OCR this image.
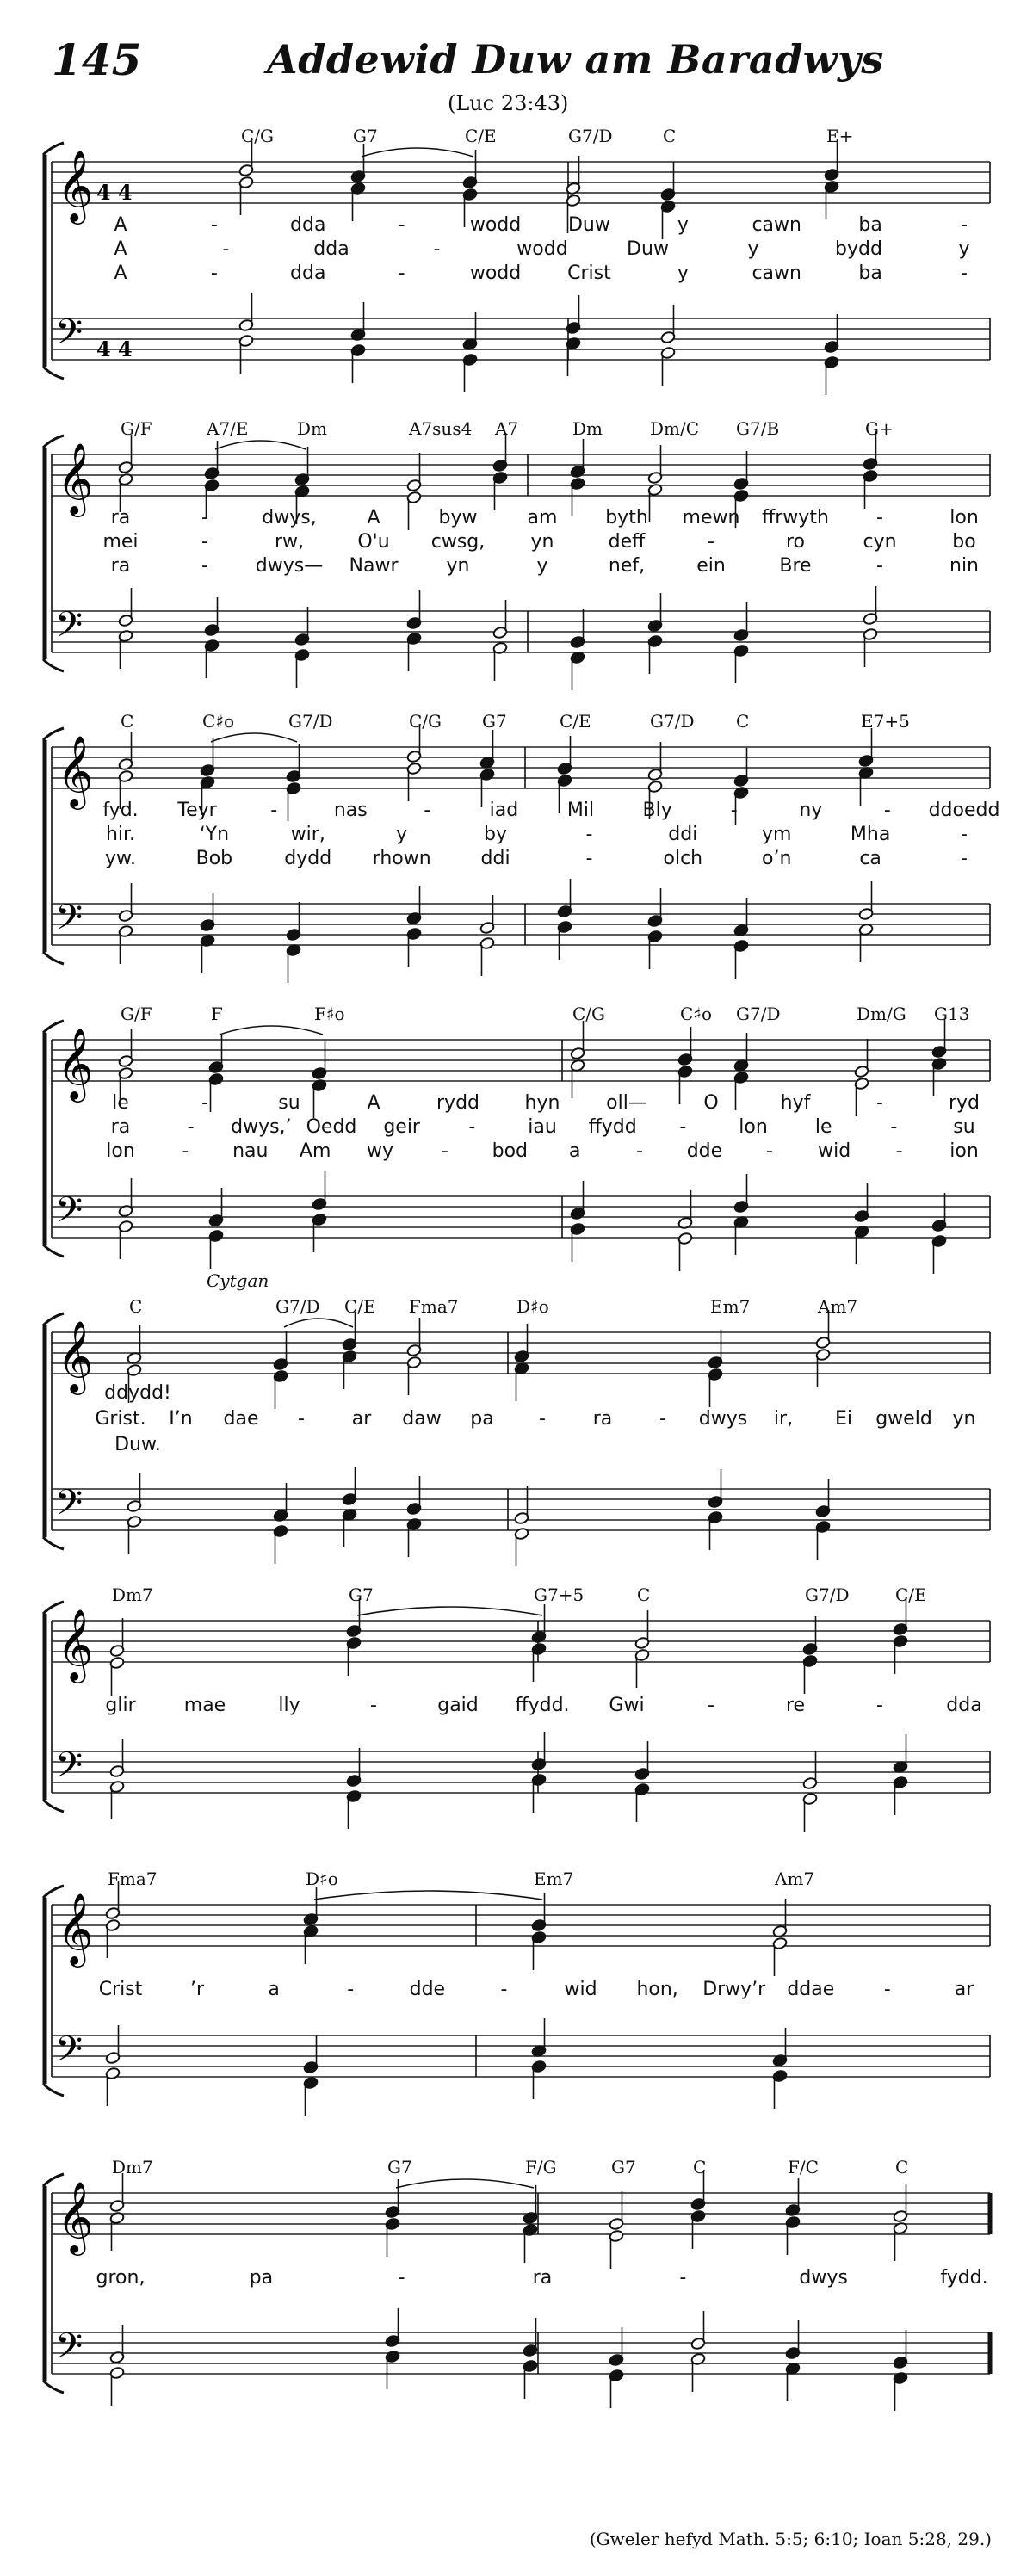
145	Addewid Duw am Baradwys
(Luc 23:43)
𝄞
𝄢
4 4
4 4
C/G	G7	C/E	G7/D	C	E+
A	-	dda	-	wodd Duw	y	cawn	ba	-
A	-	dda	-	wodd	Duw	y	bydd	y
A	-	dda	-	wodd Crist	y	cawn	ba	-
𝄞
𝄢
G/F	A7/E	Dm	A7sus4 A7	Dm	Dm/C G7/B	G+
ra	-	dwys,	A	byw	am	byth mewn ffrwyth	-	lon
mei	-	rw,	O'u cwsg, yn	deff	-	ro	cyn	bo
ra	- dwys— Nawr	yn	y	nef,	ein	Bre	-	nin
𝄞
𝄢
C	C♯o	G7/D	C/G G7	C/E	G7/D C	E7+5
fyd. Teyr	-	nas	-	iad	Mil	Bly	-	ny	- ddoedd
hir.	‘Yn	wir,	y	by	-	ddi	ym	Mha	-
yw.	Bob	dydd rhown	ddi	-	olch	o’n	ca	-
𝄞
𝄢
G/F	F	F♯o	C/G	C♯o G7/D	Dm/G G13
le	-	su	A	rydd hyn oll—	O	hyf	-	ryd
ra	- dwys,’ Oedd geir	-	iau ffydd -	lon	le	-	su
lon - nau Am wy	- bod a	- dde - wid - ion
𝄞
𝄢
C	G7/D C/E Fma7	D♯o	Em7	Am7
Cytgan
ddydd!
Grist. I’n dae - ar daw pa - ra - dwys ir, Ei gweld yn
Duw.
𝄞
𝄢
Dm7	G7	G7+5	C	G7/D	C/E
glir	mae	lly	-	gaid ffydd. Gwi	-	re	-	dda
𝄞
𝄢
Fma7	D♯o	Em7	Am7
Crist	’r	a	-	dde	-	wid hon, Drwy’r ddae	-	ar
𝄞
𝄢
Dm7	G7	F/G	G7	C	F/C	C
gron,	pa	-	ra	-	dwys	fydd.
(Gweler hefyd Math. 5:5; 6:10; Ioan 5:28, 29.)
